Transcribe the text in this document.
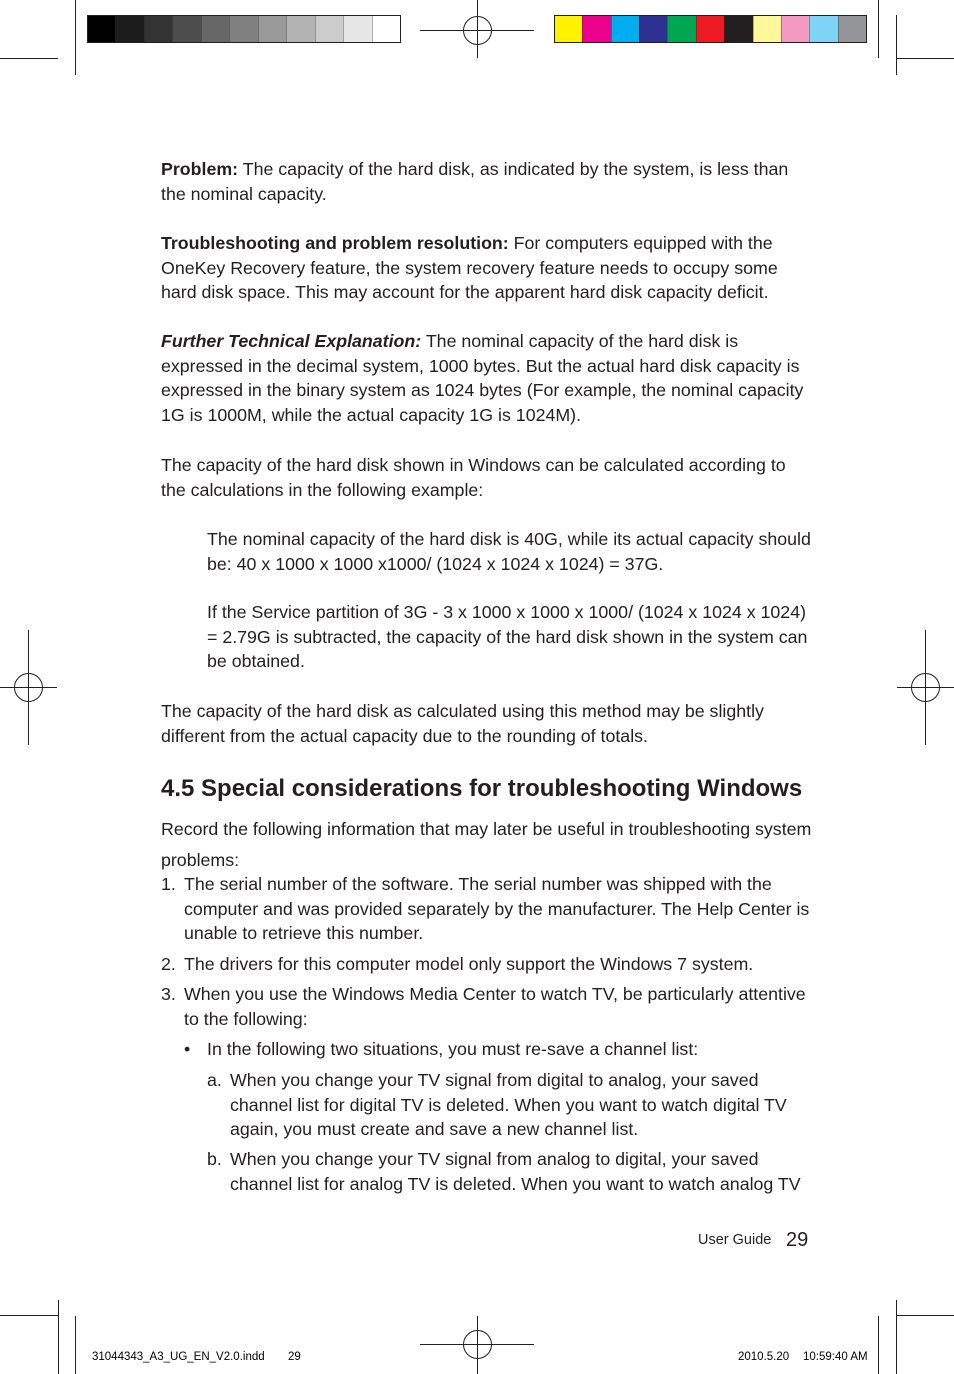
Problem: The capacity of the hard disk, as indicated by the system, is less than
the nominal capacity.
Troubleshooting and problem resolution: For computers equipped with the
OneKey Recovery feature, the system recovery feature needs to occupy some
hard disk space. This may account for the apparent hard disk capacity deficit.
Further Technical Explanation: The nominal capacity of the hard disk is
expressed in the decimal system, 1000 bytes. But the actual hard disk capacity is
expressed in the binary system as 1024 bytes (For example, the nominal capacity
1G is 1000M, while the actual capacity 1G is 1024M).
The capacity of the hard disk shown in Windows can be calculated according to
the calculations in the following example:
The nominal capacity of the hard disk is 40G, while its actual capacity should
be: 40 x 1000 x 1000 x1000/ (1024 x 1024 x 1024) = 37G.
If the Service partition of 3G - 3 x 1000 x 1000 x 1000/ (1024 x 1024 x 1024)
= 2.79G is subtracted, the capacity of the hard disk shown in the system can
be obtained.
The capacity of the hard disk as calculated using this method may be slightly
different from the actual capacity due to the rounding of totals.
4.5 Special considerations for troubleshooting Windows
Record the following information that may later be useful in troubleshooting system
problems:
1. The serial number of the software. The serial number was shipped with the
computer and was provided separately by the manufacturer. The Help Center is
unable to retrieve this number.
2. The drivers for this computer model only support the Windows 7 system.
3. When you use the Windows Media Center to watch TV, be particularly attentive
to the following:
• In the following two situations, you must re-save a channel list:
a. When you change your TV signal from digital to analog, your saved
channel list for digital TV is deleted. When you want to watch digital TV
again, you must create and save a new channel list.
b. When you change your TV signal from analog to digital, your saved
channel list for analog TV is deleted. When you want to watch analog TV
User Guide 29
31044343_A3_UG_EN_V2.0.indd 29	2010.5.20 10:59:40 AM
